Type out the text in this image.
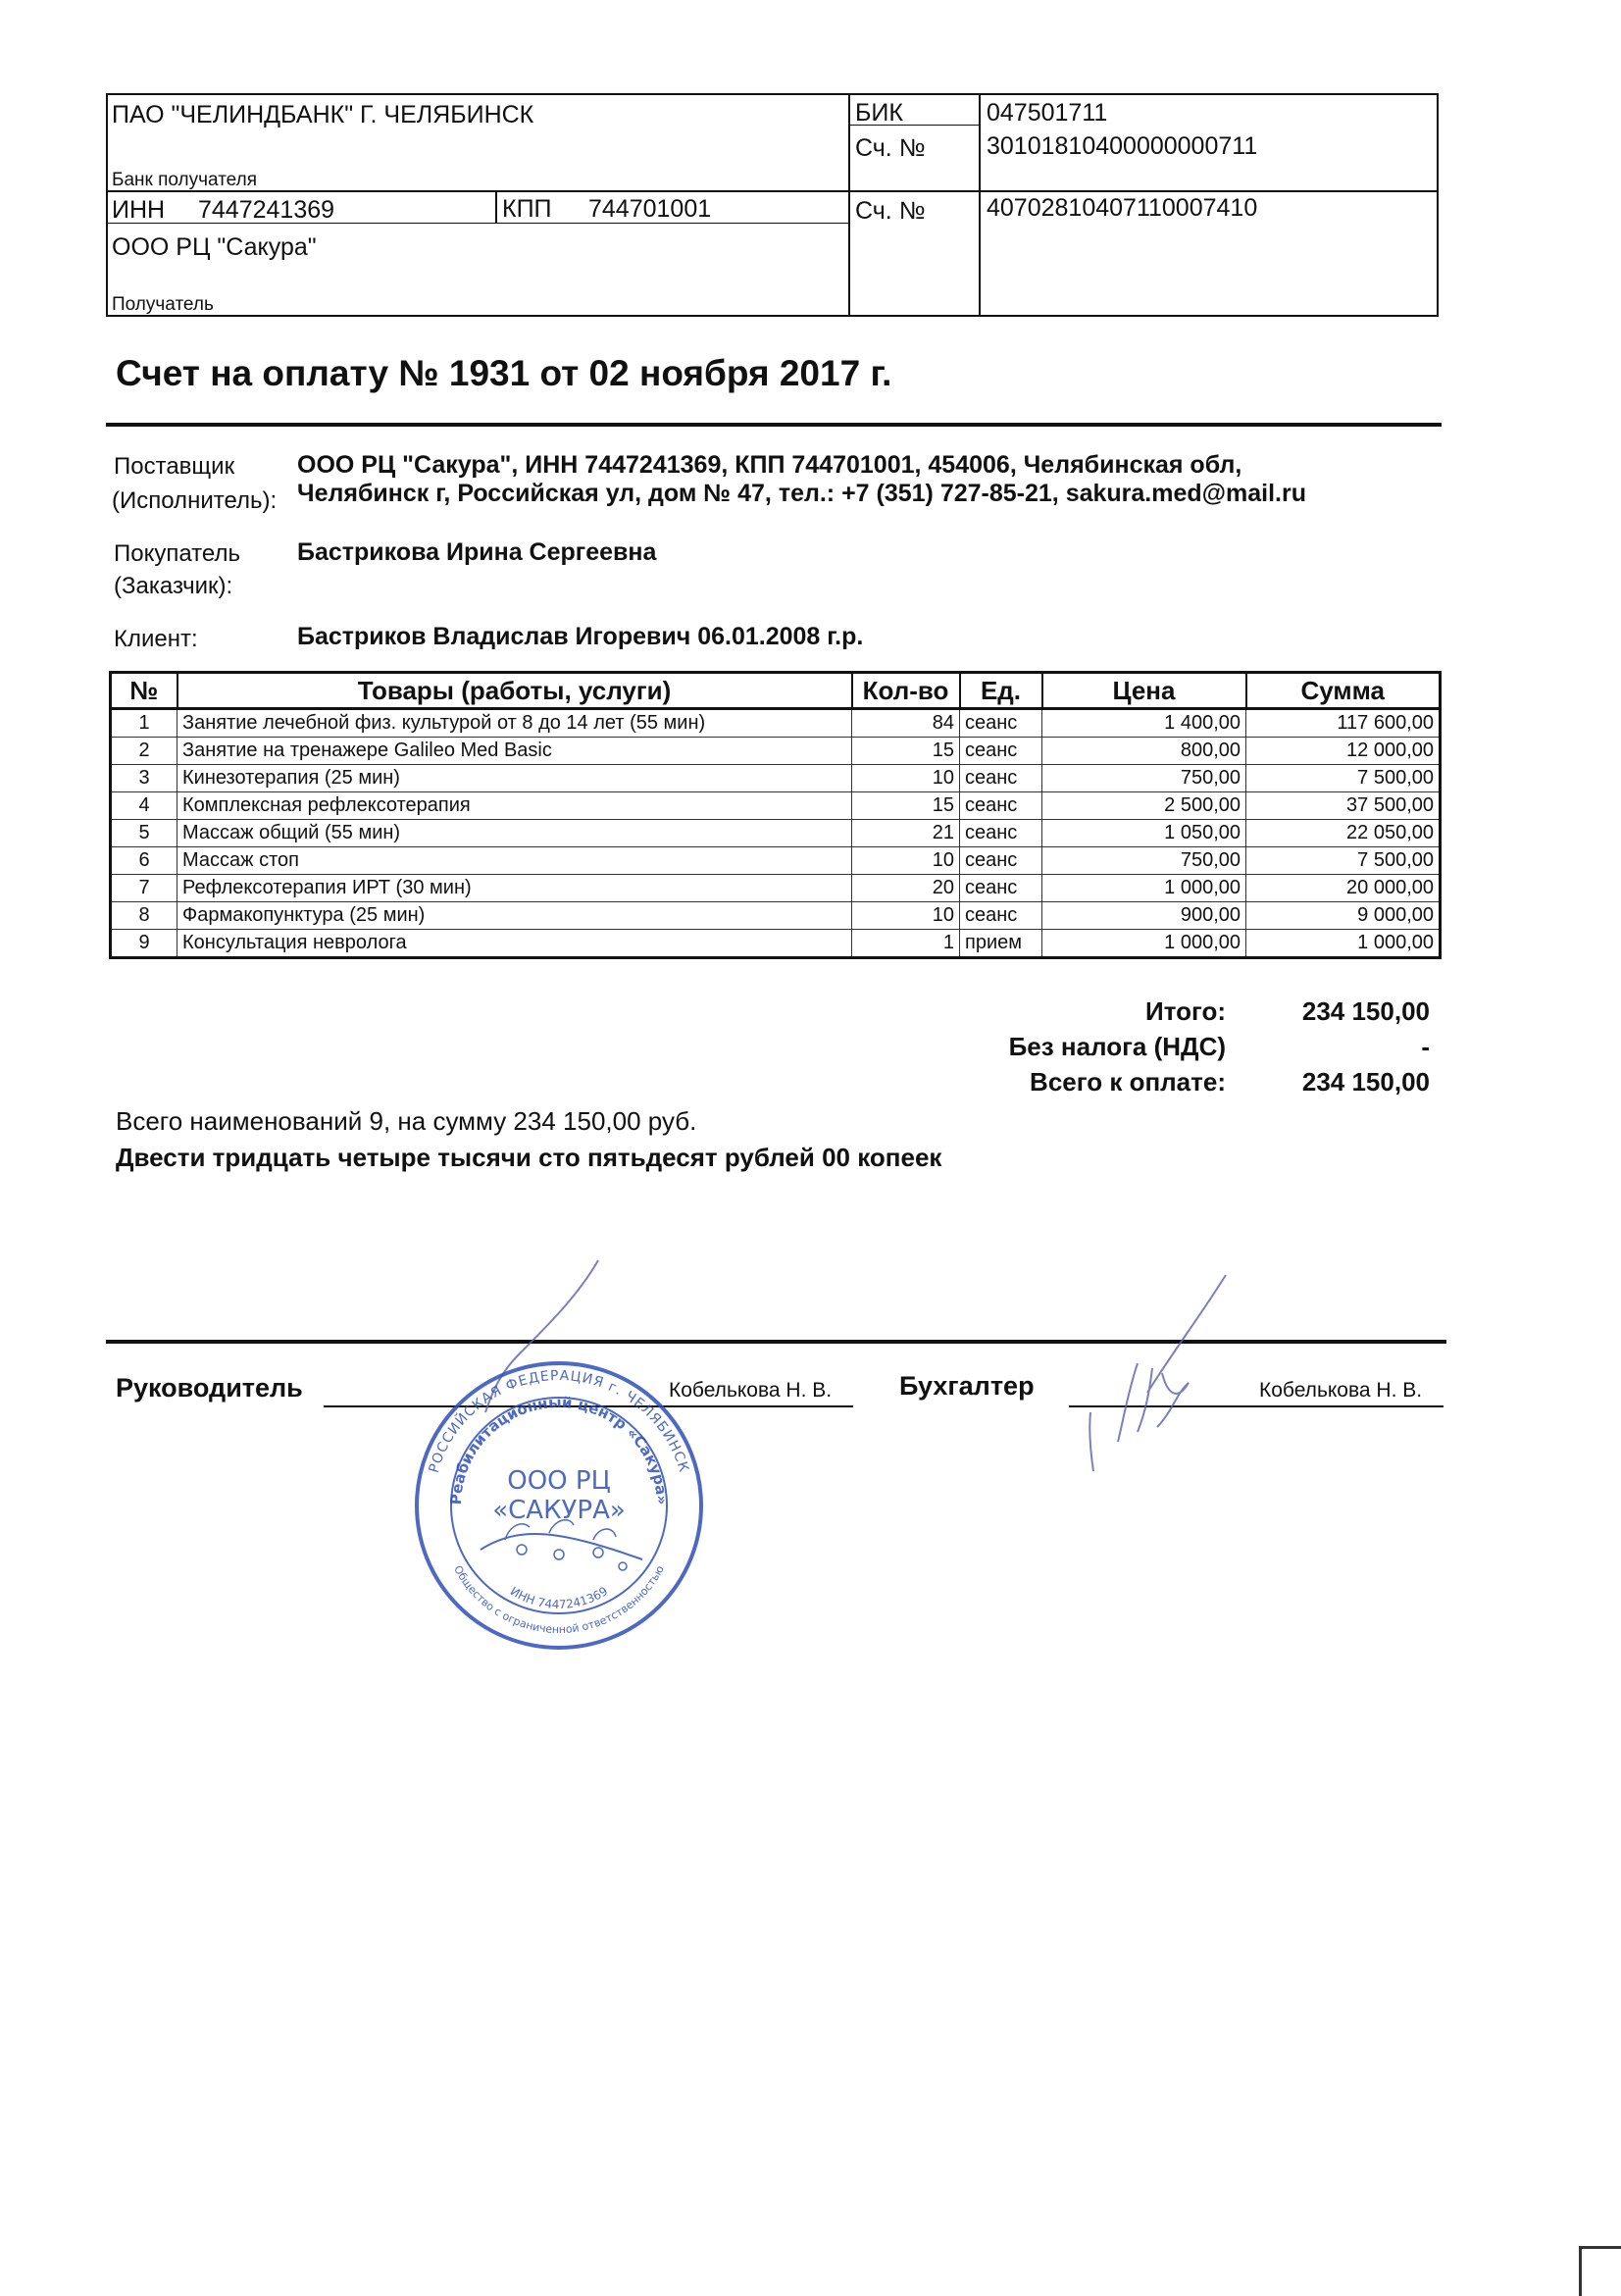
ПАО "ЧЕЛИНДБАНК" Г. ЧЕЛЯБИНСК
Банк получателя
ИНН 7447241369	КПП 744701001
ООО РЦ "Сакура"
Получатель
БИК	047501711
Сч. № 30101810400000000711
Сч. № 40702810407110007410
Счет на оплату № 1931 от 02 ноября 2017 г.
Поставщик
(Исполнитель):
ООО РЦ "Сакура", ИНН 7447241369, КПП 744701001, 454006, Челябинская обл,
Челябинск г, Российская ул, дом № 47, тел.: +7 (351) 727-85-21, sakura.med@mail.ru
Покупатель
(Заказчик):
Бастрикова Ирина Сергеевна
Клиент:	Бастриков Владислав Игоревич 06.01.2008 г.р.
№	Товары (работы, услуги)	Кол-во	Ед.	Цена	Сумма
1	Занятие лечебной физ. культурой от 8 до 14 лет (55 мин)	84	сеанс	1 400,00	117 600,00
2	Занятие на тренажере Galileo Med Basic	15	сеанс	800,00	12 000,00
3	Кинезотерапия (25 мин)	10	сеанс	750,00	7 500,00
4	Комплексная рефлексотерапия	15	сеанс	2 500,00	37 500,00
5	Массаж общий (55 мин)	21	сеанс	1 050,00	22 050,00
6	Массаж стоп	10	сеанс	750,00	7 500,00
7	Рефлексотерапия ИРТ (30 мин)	20	сеанс	1 000,00	20 000,00
8	Фармакопунктура (25 мин)	10	сеанс	900,00	9 000,00
9	Консультация невролога	1	прием	1 000,00	1 000,00
Итого:	234 150,00
Без налога (НДС)	-
Всего к оплате:	234 150,00
Всего наименований 9, на сумму 234 150,00 руб.
Двести тридцать четыре тысячи сто пятьдесят рублей 00 копеек
Руководитель	Кобелькова Н. В.	Бухгалтер	Кобелькова Н. В.
РОССИЙСКАЯ ФЕДЕРАЦИЯ г. ЧЕЛЯБИНСК
Реабилитационный центр «Сакура»
ИНН 7447241369
Общество с ограниченной ответственностью
ООО РЦ
«САКУРА»
